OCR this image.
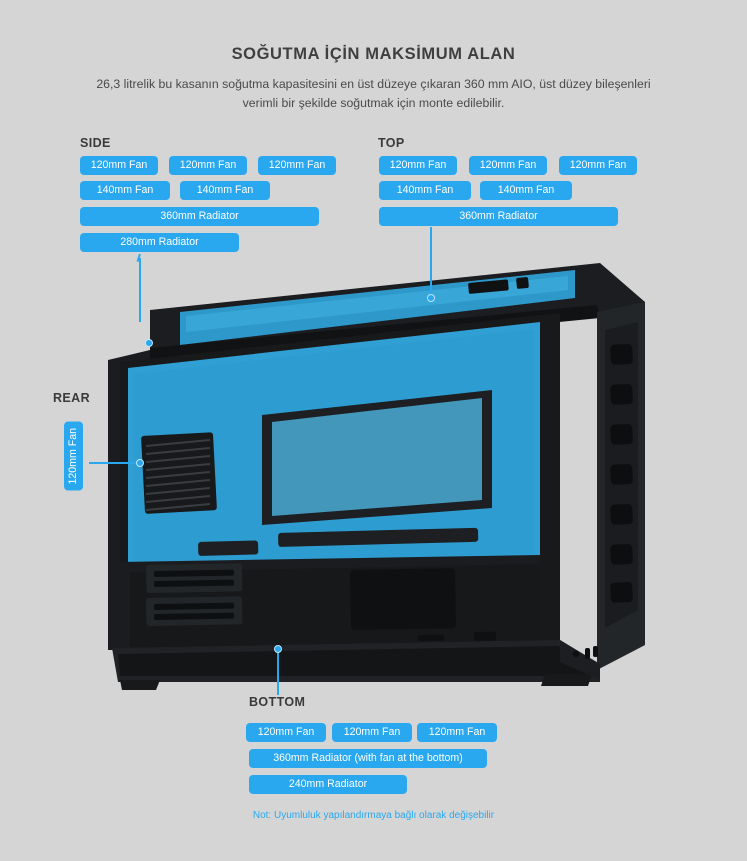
SOĞUTMA İÇİN MAKSİMUM ALAN
26,3 litrelik bu kasanın soğutma kapasitesini en üst düzeye çıkaran 360 mm AIO, üst düzey bileşenleri verimli bir şekilde soğutmak için monte edilebilir.
SIDE
120mm Fan	120mm Fan	120mm Fan
140mm Fan	140mm Fan
360mm Radiator
280mm Radiator
TOP
120mm Fan	120mm Fan	120mm Fan
140mm Fan	140mm Fan
360mm Radiator
REAR
120mm Fan
BOTTOM
120mm Fan	120mm Fan	120mm Fan
360mm Radiator (with fan at the bottom)
240mm Radiator
Not: Uyumluluk yapılandırmaya bağlı olarak değişebilir
